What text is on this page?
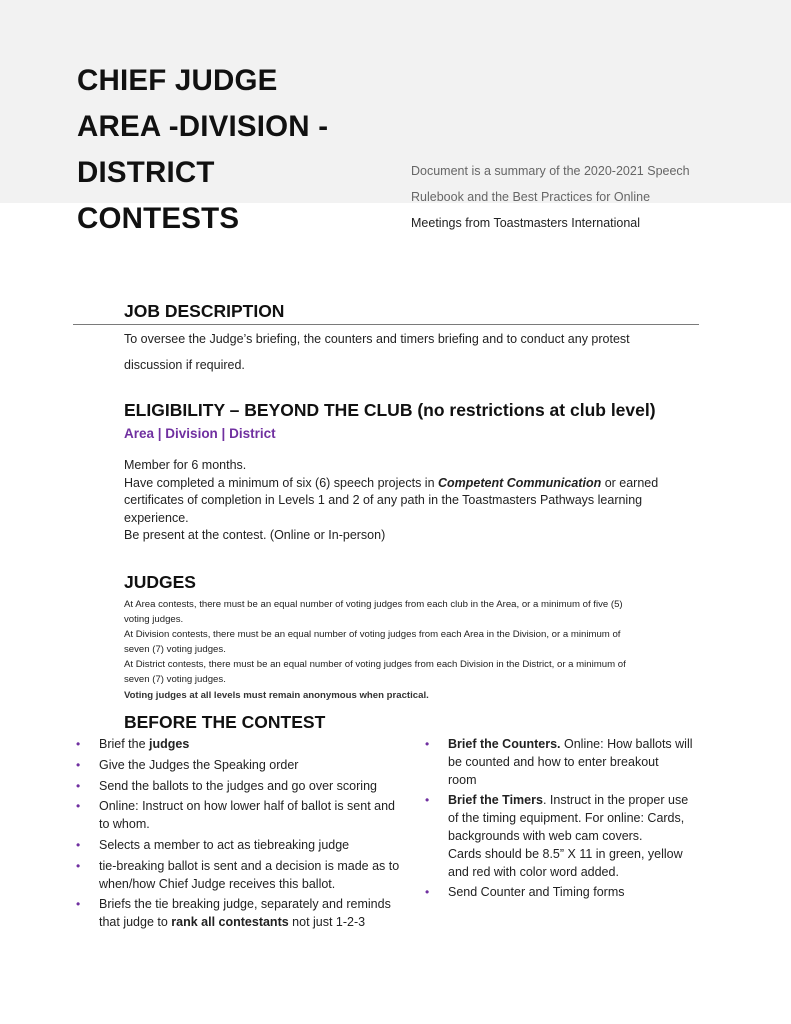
CHIEF JUDGE
AREA -DIVISION -
DISTRICT
CONTESTS
Document is a summary of the 2020-2021 Speech
Rulebook and the Best Practices for Online
Meetings from Toastmasters International
JOB DESCRIPTION
To oversee the Judge’s briefing, the counters and timers briefing and to conduct any protest
discussion if required.
ELIGIBILITY – BEYOND THE CLUB (no restrictions at club level)
Area | Division | District
Member for 6 months.
Have completed a minimum of six (6) speech projects in Competent Communication or earned
certificates of completion in Levels 1 and 2 of any path in the Toastmasters Pathways learning
experience.
Be present at the contest. (Online or In-person)
JUDGES
At Area contests, there must be an equal number of voting judges from each club in the Area, or a minimum of five (5)
voting judges.
At Division contests, there must be an equal number of voting judges from each Area in the Division, or a minimum of
seven (7) voting judges.
At District contests, there must be an equal number of voting judges from each Division in the District, or a minimum of
seven (7) voting judges.
Voting judges at all levels must remain anonymous when practical.
BEFORE THE CONTEST
• Brief the judges
• Give the Judges the Speaking order
• Send the ballots to the judges and go over scoring
• Online: Instruct on how lower half of ballot is sent and
to whom.
• Selects a member to act as tiebreaking judge
• tie-breaking ballot is sent and a decision is made as to
when/how Chief Judge receives this ballot.
• Briefs the tie breaking judge, separately and reminds
that judge to rank all contestants not just 1-2-3
• Brief the Counters. Online: How ballots will
be counted and how to enter breakout
room
• Brief the Timers. Instruct in the proper use
of the timing equipment. For online: Cards,
backgrounds with web cam covers.
Cards should be 8.5” X 11 in green, yellow
and red with color word added.
• Send Counter and Timing forms
